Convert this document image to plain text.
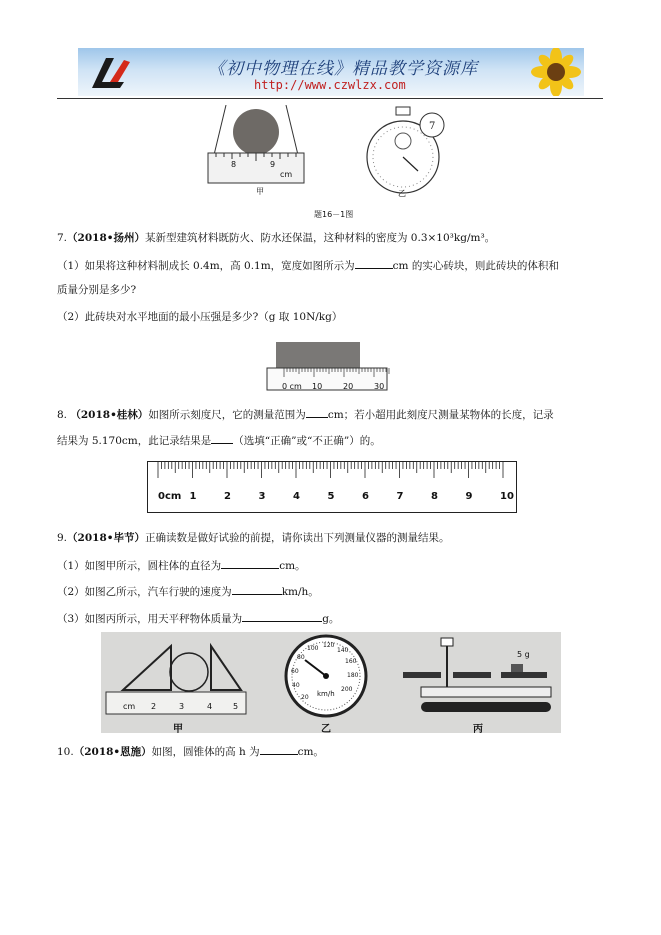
《初中物理在线》精品教学资源库
http://www.czwlzx.com
8	9
cm
甲
7
乙
题16－1图
7.（2018•扬州）某新型建筑材料既防火、防水还保温，这种材料的密度为 0.3×10³kg/m³。
（1）如果将这种材料制成长 0.4m，高 0.1m，宽度如图所示为	cm 的实心砖块，则此砖块的体积和
质量分别是多少?
（2）此砖块对水平地面的最小压强是多少?（g 取 10N/kg）
0 cm 10	20	30
8. （2018•桂林）如图所示刻度尺，它的测量范围为 cm；若小超用此刻度尺测量某物体的长度，记录
结果为 5.170cm，此记录结果是 （选填“正确”或“不正确”）的。
0cm 1	2	3	4	5	6	7	8	9	10
9.（2018•毕节）正确读数是做好试验的前提，请你读出下列测量仪器的测量结果。
（1）如图甲所示，圆柱体的直径为	cm。
（2）如图乙所示，汽车行驶的速度为	km/h。
（3）如图丙所示，用天平秤物体质量为	g。
cm 2	3	4	5
甲
km/h
20
40
60
80
100 120
140
160
180
200
乙
5 g
丙
10.（2018•恩施）如图，圆锥体的高 h 为	cm。
